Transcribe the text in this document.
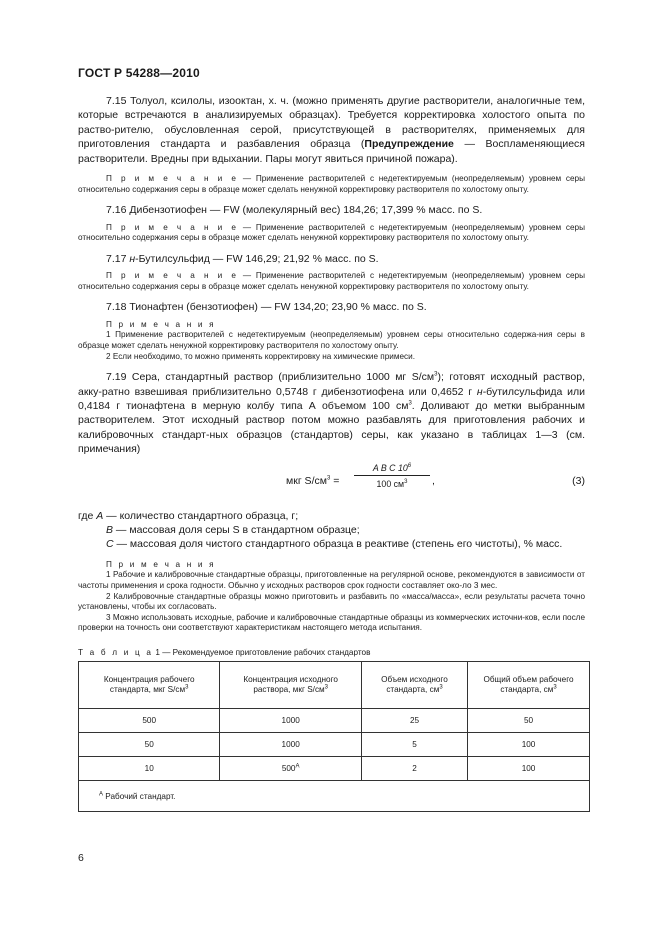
ГОСТ Р 54288—2010

7.15 Толуол, ксилолы, изооктан, х. ч. (можно применять другие растворители, аналогичные тем, которые встречаются в анализируемых образцах). Требуется корректировка холостого опыта по раство-рителю, обусловленная серой, присутствующей в растворителях, применяемых для приготовления стандарта и разбавления образца (Предупреждение — Воспламеняющиеся растворители. Вредны при вдыхании. Пары могут явиться причиной пожара).

П р и м е ч а н и е — Применение растворителей с недетектируемым (неопределяемым) уровнем серы относительно содержания серы в образце может сделать ненужной корректировку растворителя по холостому опыту.

7.16 Дибензотиофен — FW (молекулярный вес) 184,26; 17,399 % масс. по S.

П р и м е ч а н и е — Применение растворителей с недетектируемым (неопределяемым) уровнем серы относительно содержания серы в образце может сделать ненужной корректировку растворителя по холостому опыту.

7.17 н-Бутилсульфид — FW 146,29; 21,92 % масс. по S.

П р и м е ч а н и е — Применение растворителей с недетектируемым (неопределяемым) уровнем серы относительно содержания серы в образце может сделать ненужной корректировку растворителя по холостому опыту.

7.18 Тионафтен (бензотиофен) — FW 134,20; 23,90 % масс. по S.

П р и м е ч а н и я

1 Применение растворителей с недетектируемым (неопределяемым) уровнем серы относительно содержа-ния серы в образце может сделать ненужной корректировку растворителя по холостому опыту.

2 Если необходимо, то можно применять корректировку на химические примеси.

7.19 Сера, стандартный раствор (приблизительно 1000 мг $S/см^3$); готовят исходный раствор, акку-ратно взвешивая приблизительно 0,5748 г дибензотиофена или 0,4652 г н-бутилсульфида или 0,4184 г тионафтена в мерную колбу типа А объемом 100 $см^3$. Доливают до метки выбранным растворителем. Этот исходный раствор потом можно разбавлять для приготовления рабочих и калибровочных стандарт-ных образцов (стандартов) серы, как указано в таблицах 1—3 (см. примечания)

мкг $S/см^3$ =
A B C $10^6$
100 $см^3$	,	(3)

где A — количество стандартного образца, г;

B — массовая доля серы S в стандартном образце;

C — массовая доля чистого стандартного образца в реактиве (степень его чистоты), % масс.

П р и м е ч а н и я

1 Рабочие и калибровочные стандартные образцы, приготовленные на регулярной основе, рекомендуются в зависимости от частоты применения и срока годности. Обычно у исходных растворов срок годности составляет око-ло 3 мес.

2 Калибровочные стандартные образцы можно приготовить и разбавить по «масса/масса», если результаты расчета точно установлены, чтобы их согласовать.

3 Можно использовать исходные, рабочие и калибровочные стандартные образцы из коммерческих источни-ков, если после проверки на точность они соответствуют характеристикам настоящего метода испытания.

Т а б л и ц а 1 — Рекомендуемое приготовление рабочих стандартов
Концентрация рабочего стандарта, мкг $S/см^3$	Концентрация исходного раствора, мкг $S/см^3$	Объем исходного стандарта, $см^3$	Общий объем рабочего стандарта, $см^3$
500	1000	25	50
50	1000	5	100
10	$500^A$	2	100
$^A$ Рабочий стандарт.			
6
